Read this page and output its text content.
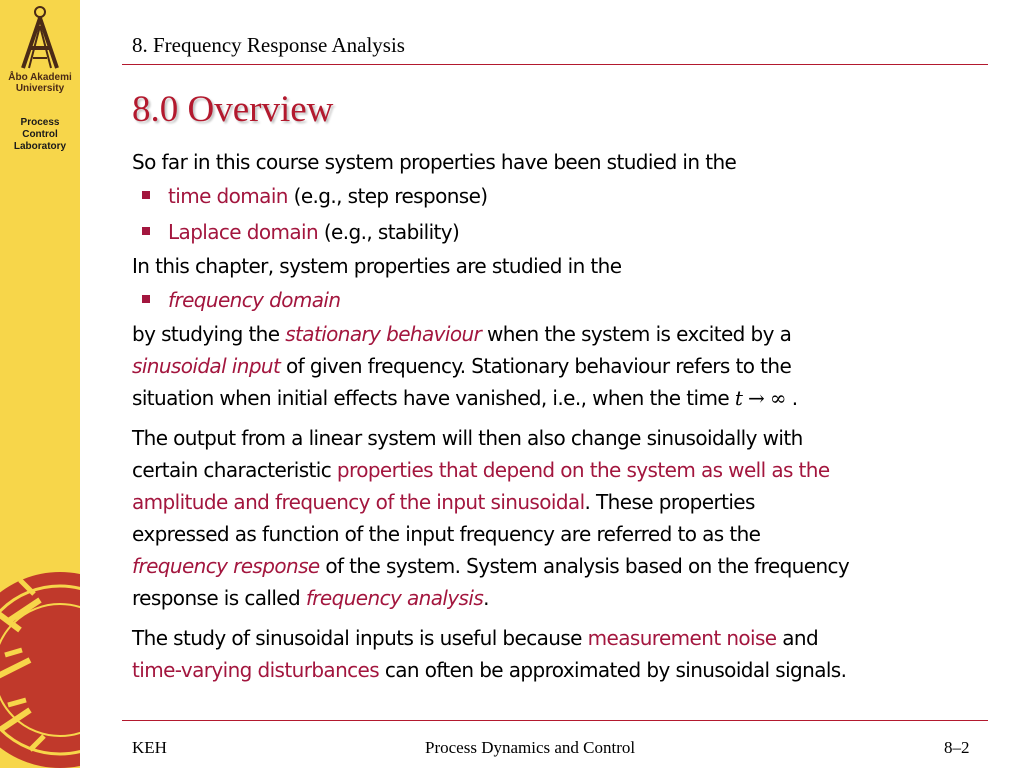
Åbo Akademi
University
Process
Control
Laboratory
8. Frequency Response Analysis
8.0 Overview

So far in this course system properties have been studied in the

time domain (e.g., step response)
Laplace domain (e.g., stability)

In this chapter, system properties are studied in the

frequency domain

by studying the stationary behaviour when the system is excited by a
sinusoidal input of given frequency. Stationary behaviour refers to the
situation when initial effects have vanished, i.e., when the time t → ∞ .

The output from a linear system will then also change sinusoidally with
certain characteristic properties that depend on the system as well as the
amplitude and frequency of the input sinusoidal. These properties
expressed as function of the input frequency are referred to as the
frequency response of the system. System analysis based on the frequency
response is called frequency analysis.

The study of sinusoidal inputs is useful because measurement noise and
time-varying disturbances can often be approximated by sinusoidal signals.

KEH	Process Dynamics and Control	8–2
